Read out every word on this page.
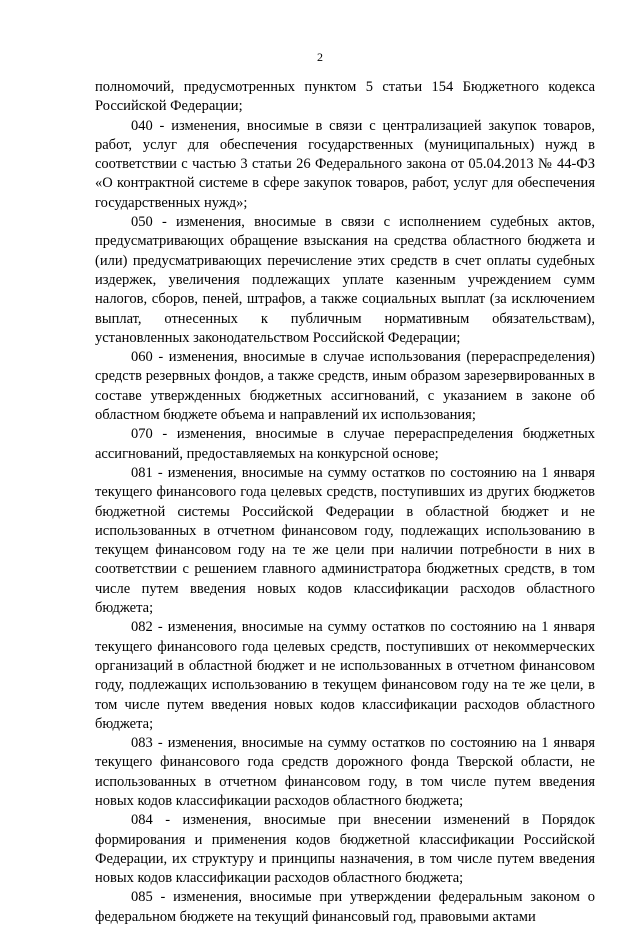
2

полномочий, предусмотренных пунктом 5 статьи 154 Бюджетного кодекса Российской Федерации;

040 - изменения, вносимые в связи с централизацией закупок товаров, работ, услуг для обеспечения государственных (муниципальных) нужд в соответствии с частью 3 статьи 26 Федерального закона от 05.04.2013 № 44-ФЗ «О контрактной системе в сфере закупок товаров, работ, услуг для обеспечения государственных нужд»;

050 - изменения, вносимые в связи с исполнением судебных актов, предусматривающих обращение взыскания на средства областного бюджета и (или) предусматривающих перечисление этих средств в счет оплаты судебных издержек, увеличения подлежащих уплате казенным учреждением сумм налогов, сборов, пеней, штрафов, а также социальных выплат (за исключением выплат, отнесенных к публичным нормативным обязательствам), установленных законодательством Российской Федерации;

060 - изменения, вносимые в случае использования (перераспределения) средств резервных фондов, а также средств, иным образом зарезервированных в составе утвержденных бюджетных ассигнований, с указанием в законе об областном бюджете объема и направлений их использования;

070 - изменения, вносимые в случае перераспределения бюджетных ассигнований, предоставляемых на конкурсной основе;

081 - изменения, вносимые на сумму остатков по состоянию на 1 января текущего финансового года целевых средств, поступивших из других бюджетов бюджетной системы Российской Федерации в областной бюджет и не использованных в отчетном финансовом году, подлежащих использованию в текущем финансовом году на те же цели при наличии потребности в них в соответствии с решением главного администратора бюджетных средств, в том числе путем введения новых кодов классификации расходов областного бюджета;

082 - изменения, вносимые на сумму остатков по состоянию на 1 января текущего финансового года целевых средств, поступивших от некоммерческих организаций в областной бюджет и не использованных в отчетном финансовом году, подлежащих использованию в текущем финансовом году на те же цели, в том числе путем введения новых кодов классификации расходов областного бюджета;

083 - изменения, вносимые на сумму остатков по состоянию на 1 января текущего финансового года средств дорожного фонда Тверской области, не использованных в отчетном финансовом году, в том числе путем введения новых кодов классификации расходов областного бюджета;

084 - изменения, вносимые при внесении изменений в Порядок формирования и применения кодов бюджетной классификации Российской Федерации, их структуру и принципы назначения, в том числе путем введения новых кодов классификации расходов областного бюджета;

085 - изменения, вносимые при утверждении федеральным законом о федеральном бюджете на текущий финансовый год, правовыми актами
